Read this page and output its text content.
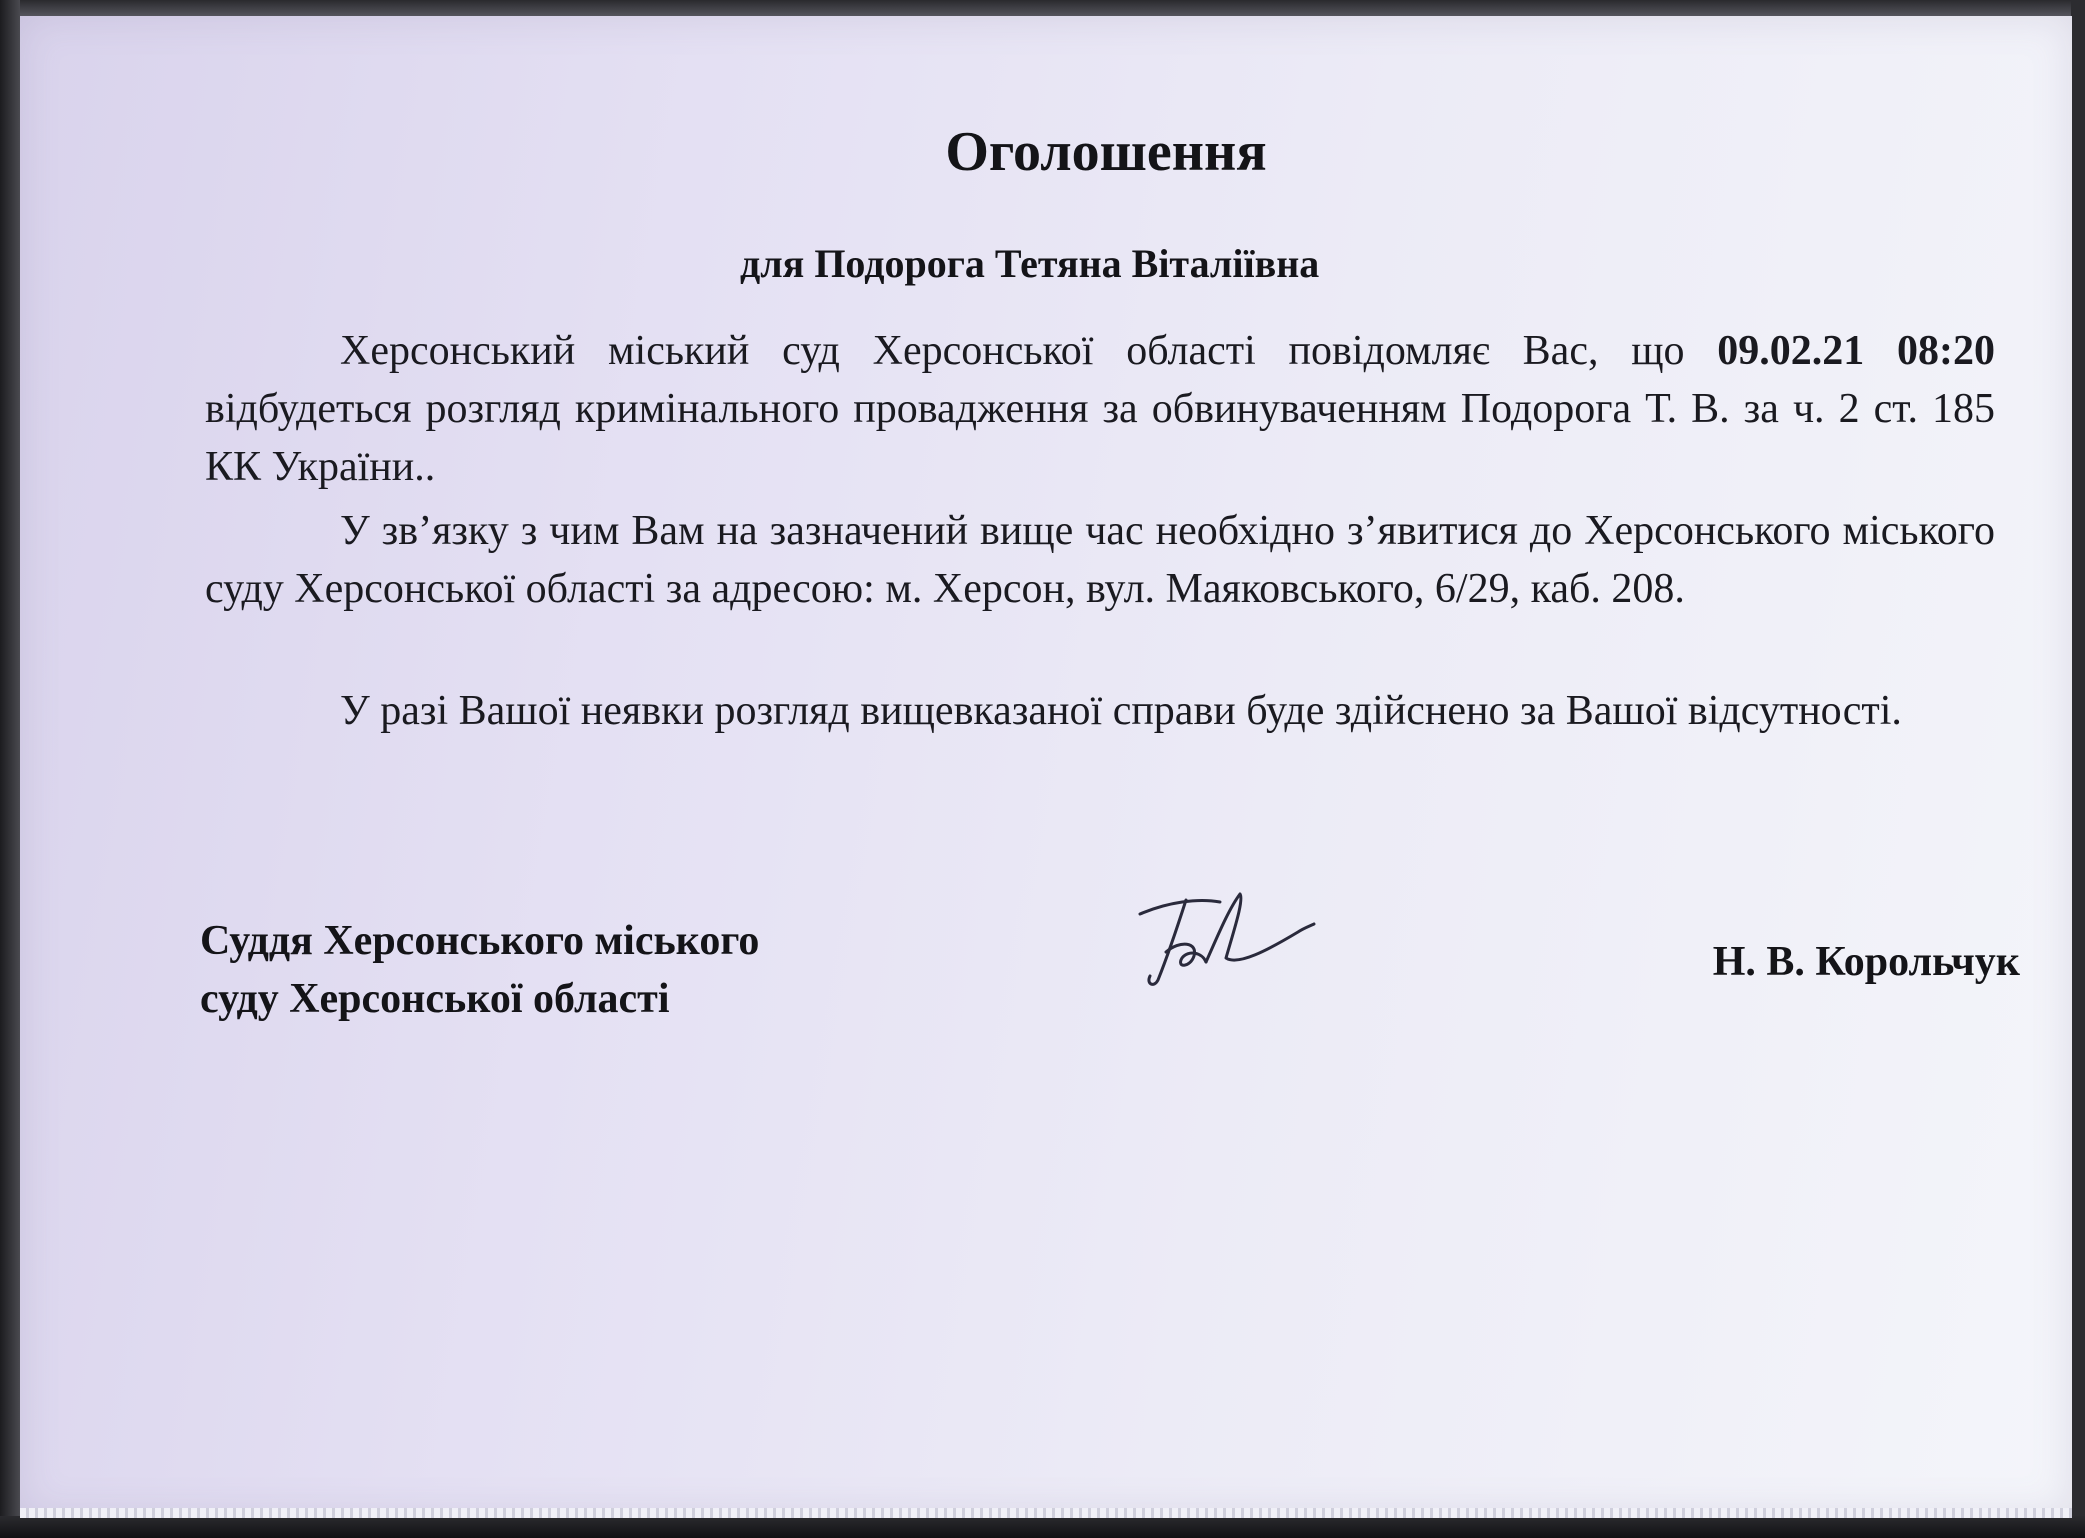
Оголошення
для Подорога Тетяна Віталіївна

Херсонський міський суд Херсонської області повідомляє Вас, що 09.02.21 08:20 відбудеться розгляд кримінального провадження за обвинуваченням Подорога Т. В. за ч. 2 ст. 185 КК України..

У зв’язку з чим Вам на зазначений вище час необхідно з’явитися до Херсонського міського суду Херсонської області за адресою: м. Херсон, вул. Маяковського, 6/29, каб. 208.

У разі Вашої неявки розгляд вищевказаної справи буде здійснено за Вашої відсутності.

Суддя Херсонського міського
суду Херсонської області
Н. В. Корольчук
